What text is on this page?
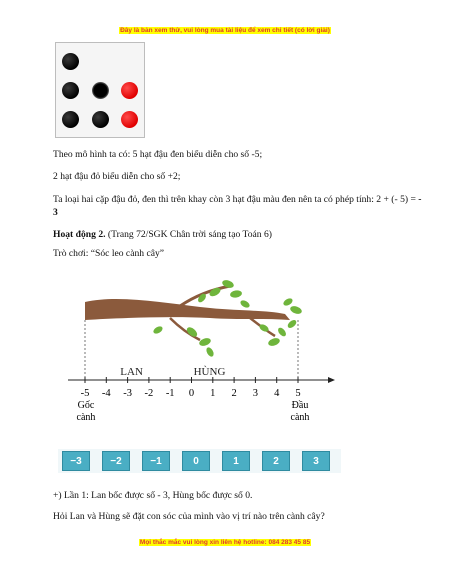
Đây là bản xem thử, vui lòng mua tài liệu để xem chi tiết (có lời giải)
Theo mô hình ta có: 5 hạt đậu đen biểu diễn cho số -5;
2 hạt đậu đỏ biểu diễn cho số +2;
Ta loại hai cặp đậu đỏ, đen thì trên khay còn 3 hạt đậu màu đen nên ta có phép tính: 2 + (- 5) = - 3
Hoạt động 2. (Trang 72/SGK Chân trời sáng tạo Toán 6)
Trò chơi: “Sóc leo cành cây”
-5 -4 -3 -2 -1 0 1 2 3 4 5
LAN	HÙNG
Gốc
cành
Đầu
cành
−3	−2	−1	0	1	2	3
+) Lần 1: Lan bốc được số - 3, Hùng bốc được số 0.
Hỏi Lan và Hùng sẽ đặt con sóc của mình vào vị trí nào trên cành cây?
Mọi thắc mắc vui lòng xin liên hệ hotline: 084 283 45 85
